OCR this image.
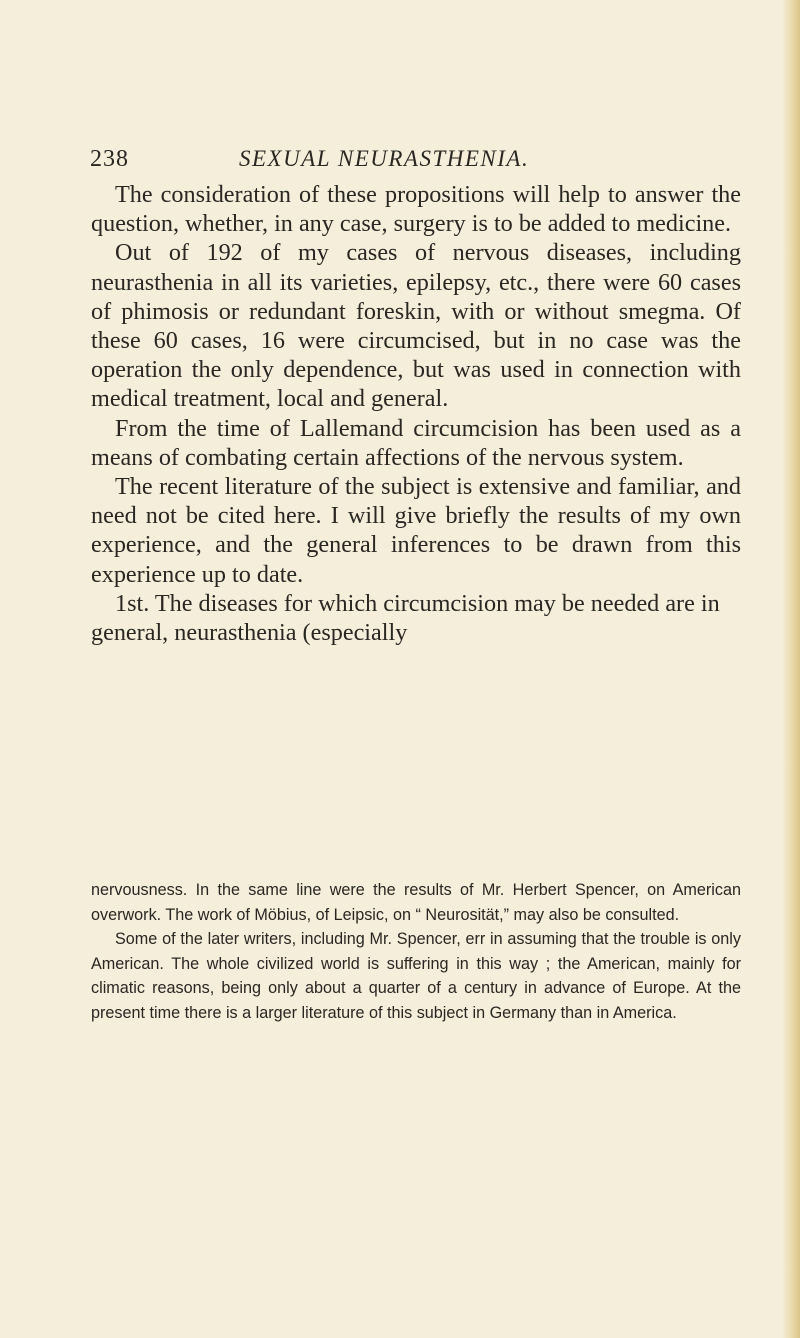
238	SEXUAL NEURASTHENIA.

The consideration of these propositions will help to answer the question, whether, in any case, surgery is to be added to medicine.

Out of 192 of my cases of nervous diseases, including neurasthenia in all its varieties, epilepsy, etc., there were 60 cases of phimosis or redundant foreskin, with or without smegma. Of these 60 cases, 16 were circumcised, but in no case was the operation the only dependence, but was used in connection with medical treatment, local and general.

From the time of Lallemand circumcision has been used as a means of combating certain affections of the nervous system.

The recent literature of the subject is extensive and familiar, and need not be cited here. I will give briefly the results of my own experience, and the general inferences to be drawn from this experience up to date.

1st. The diseases for which circumcision may be needed are in general, neurasthenia (especially

nervousness. In the same line were the results of Mr. Herbert Spencer, on American overwork. The work of Möbius, of Leipsic, on “ Neurosität,” may also be consulted.

Some of the later writers, including Mr. Spencer, err in assuming that the trouble is only American. The whole civilized world is suffering in this way ; the American, mainly for climatic reasons, being only about a quarter of a century in advance of Europe. At the present time there is a larger literature of this subject in Germany than in America.
